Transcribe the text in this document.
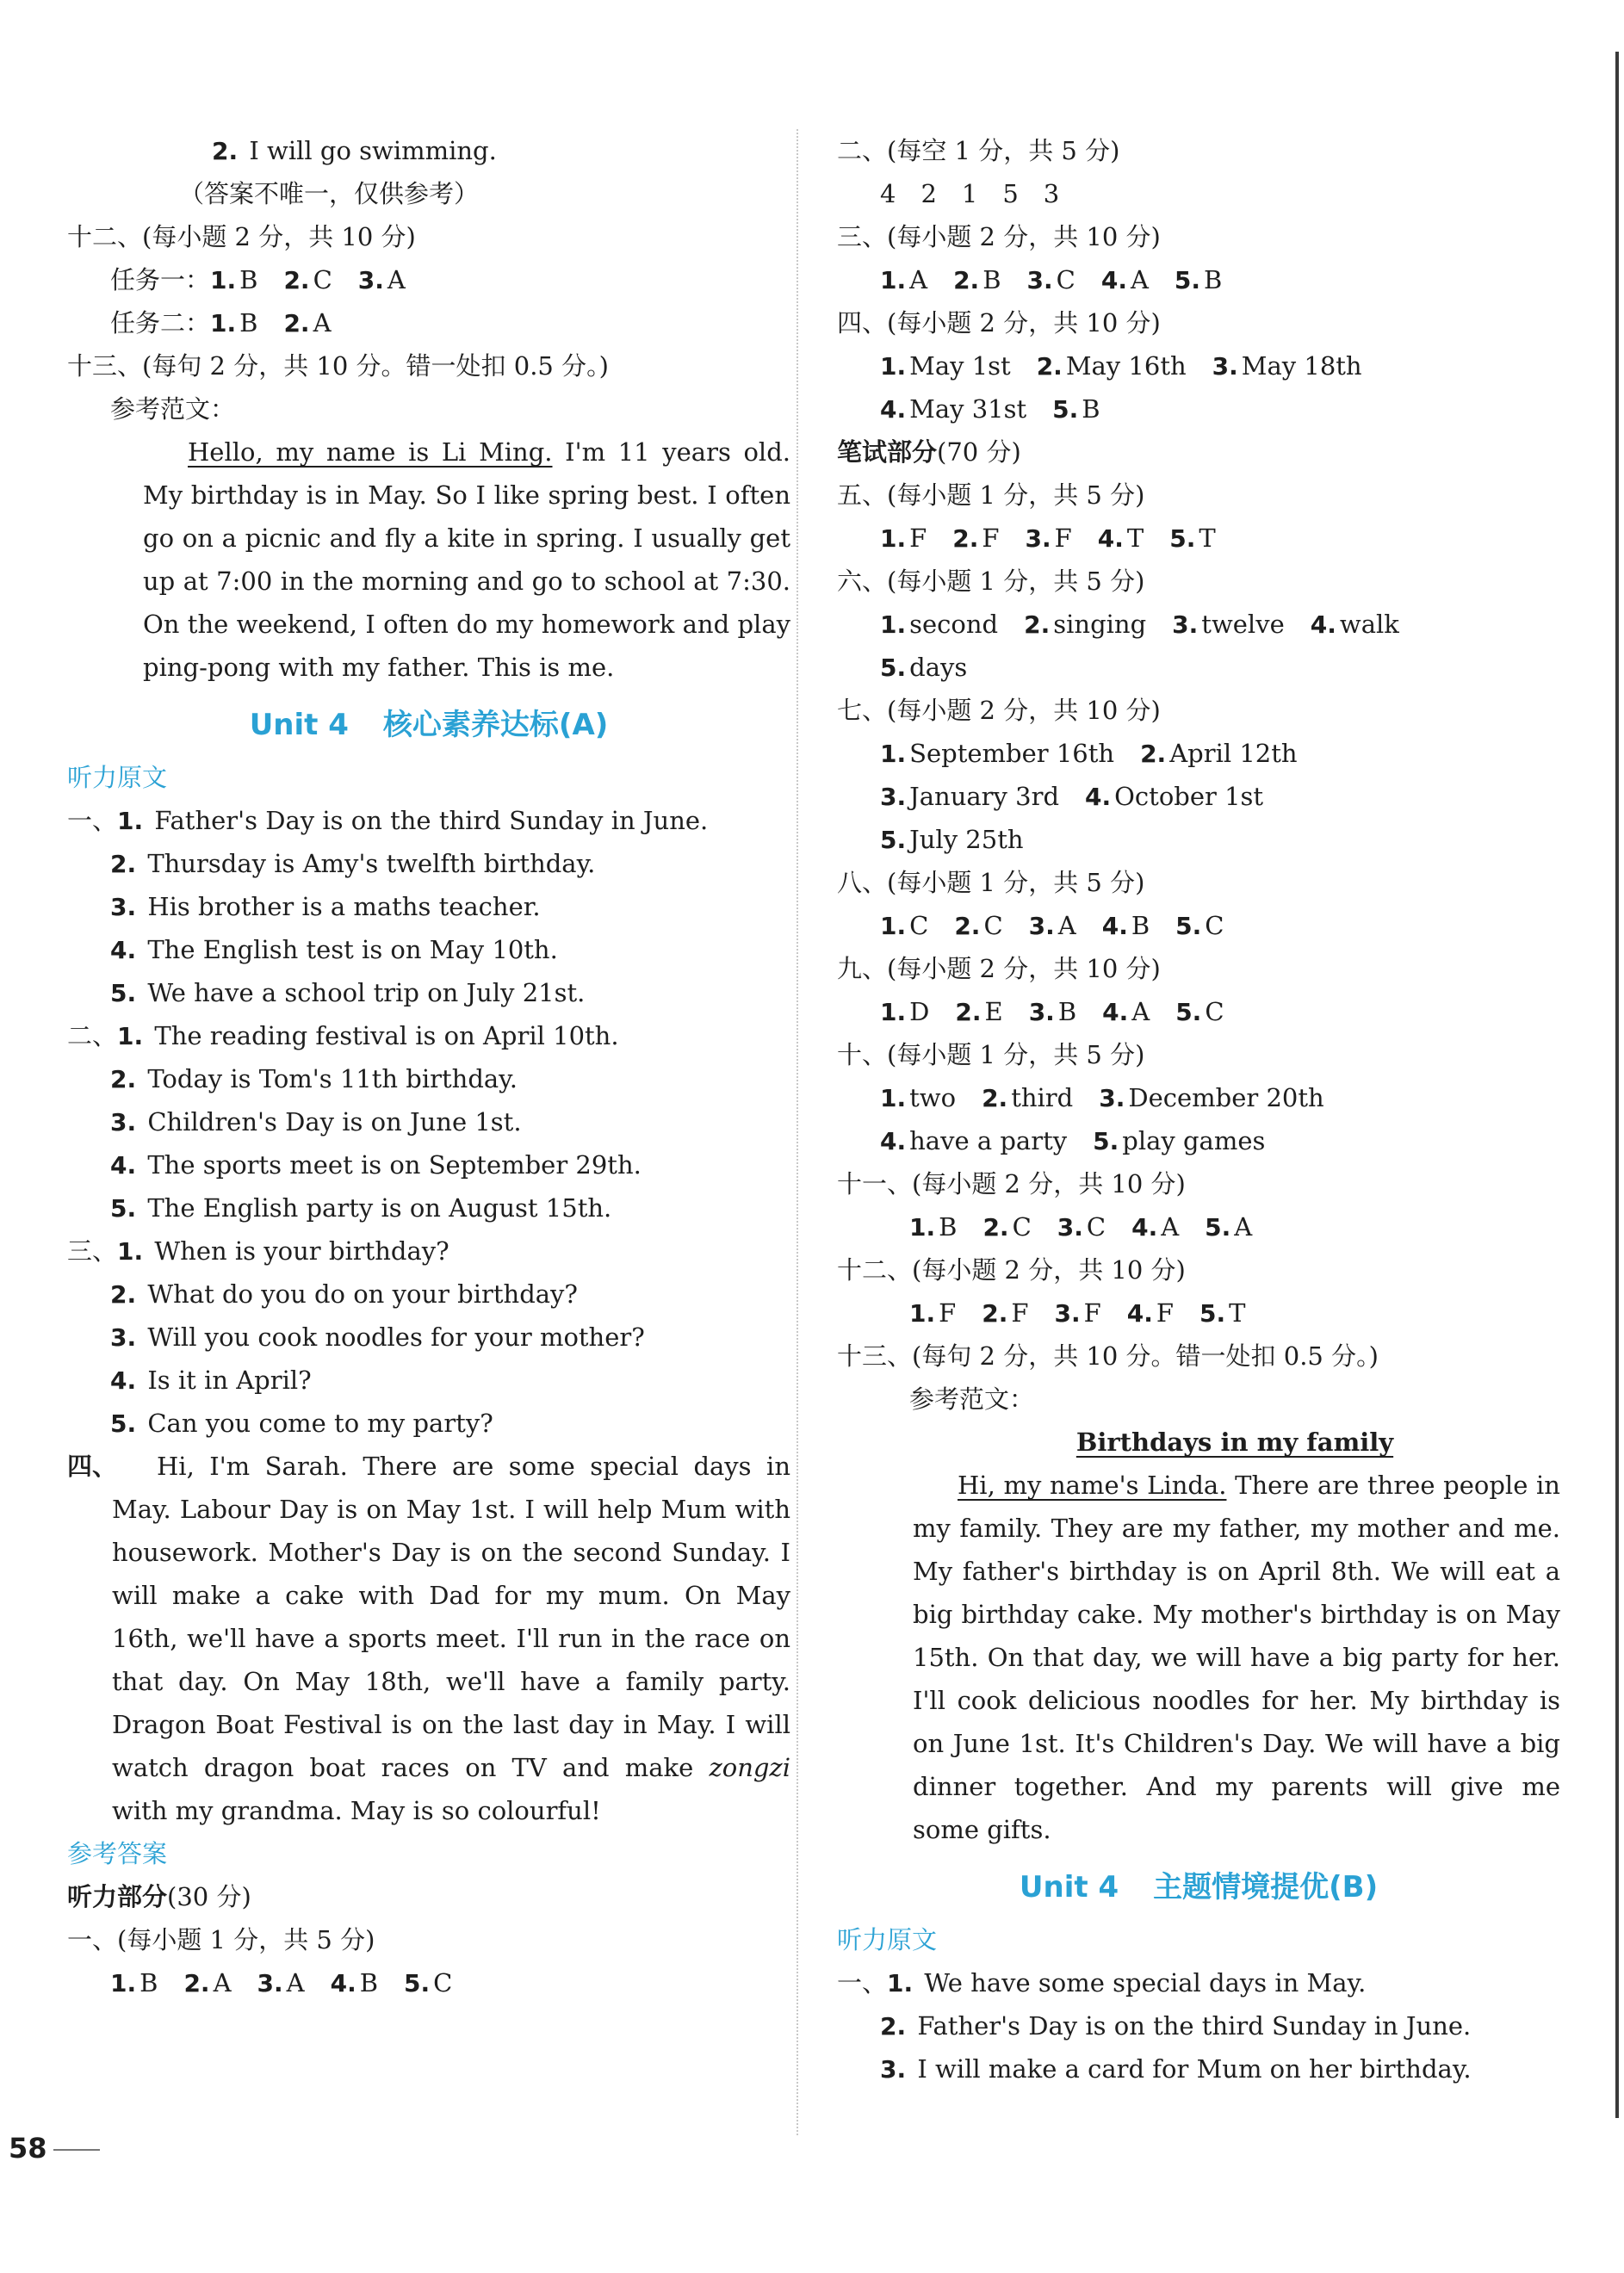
2. I will go swimming.
（答案不唯一，仅供参考）
十二、(每小题 2 分，共 10 分)
任务一：1. B 2. C 3. A
任务二：1. B 2. A
十三、(每句 2 分，共 10 分。错一处扣 0.5 分。)
参考范文：
Hello, my name is Li Ming. I'm 11 years old. My birthday is in May. So I like spring best. I often go on a picnic and fly a kite in spring. I usually get up at 7:00 in the morning and go to school at 7:30. On the weekend, I often do my homework and play ping-pong with my father. This is me.
Unit 4 核心素养达标(A)
听力原文
一、1. Father's Day is on the third Sunday in June.
2. Thursday is Amy's twelfth birthday.
3. His brother is a maths teacher.
4. The English test is on May 10th.
5. We have a school trip on July 21st.
二、1. The reading festival is on April 10th.
2. Today is Tom's 11th birthday.
3. Children's Day is on June 1st.
4. The sports meet is on September 29th.
5. The English party is on August 15th.
三、1. When is your birthday?
2. What do you do on your birthday?
3. Will you cook noodles for your mother?
4. Is it in April?
5. Can you come to my party?
四、	Hi, I'm Sarah. There are some special days in May. Labour Day is on May 1st. I will help Mum with housework. Mother's Day is on the second Sunday. I will make a cake with Dad for my mum. On May 16th, we'll have a sports meet. I'll run in the race on that day. On May 18th, we'll have a family party. Dragon Boat Festival is on the last day in May. I will watch dragon boat races on TV and make zongzi with my grandma. May is so colourful!
参考答案
听力部分(30 分)
一、(每小题 1 分，共 5 分)
1. B 2. A 3. A 4. B 5. C
二、(每空 1 分，共 5 分)
4　2　1　5　3
三、(每小题 2 分，共 10 分)
1. A 2. B 3. C 4. A 5. B
四、(每小题 2 分，共 10 分)
1. May 1st 2. May 16th 3. May 18th
4. May 31st 5. B
笔试部分(70 分)
五、(每小题 1 分，共 5 分)
1. F 2. F 3. F 4. T 5. T
六、(每小题 1 分，共 5 分)
1. second 2. singing 3. twelve 4. walk
5. days
七、(每小题 2 分，共 10 分)
1. September 16th 2. April 12th
3. January 3rd 4. October 1st
5. July 25th
八、(每小题 1 分，共 5 分)
1. C 2. C 3. A 4. B 5. C
九、(每小题 2 分，共 10 分)
1. D 2. E 3. B 4. A 5. C
十、(每小题 1 分，共 5 分)
1. two 2. third 3. December 20th
4. have a party 5. play games
十一、(每小题 2 分，共 10 分)
1. B 2. C 3. C 4. A 5. A
十二、(每小题 2 分，共 10 分)
1. F 2. F 3. F 4. F 5. T
十三、(每句 2 分，共 10 分。错一处扣 0.5 分。)
参考范文：
Birthdays in my family
Hi, my name's Linda. There are three people in my family. They are my father, my mother and me. My father's birthday is on April 8th. We will eat a big birthday cake. My mother's birthday is on May 15th. On that day, we will have a big party for her. I'll cook delicious noodles for her. My birthday is on June 1st. It's Children's Day. We will have a big dinner together. And my parents will give me some gifts.
Unit 4 主题情境提优(B)
听力原文
一、1. We have some special days in May.
2. Father's Day is on the third Sunday in June.
3. I will make a card for Mum on her birthday.
58
